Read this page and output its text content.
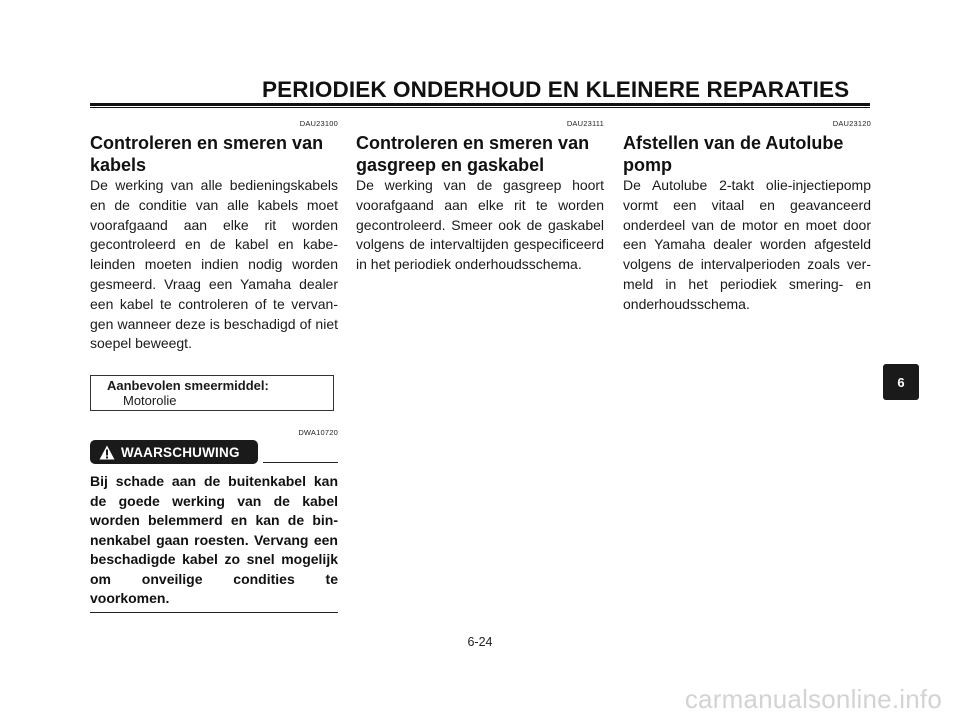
PERIODIEK ONDERHOUD EN KLEINERE REPARATIES
DAU23100
Controleren en smeren van
kabels
De werking van alle bedieningskabels en de conditie van alle kabels moet voorafgaand aan elke rit worden gecontroleerd en de kabel en kabeleinden moeten indien nodig worden gesmeerd. Vraag een Yamaha dealer een kabel te controleren of te vervangen wanneer deze is beschadigd of niet soepel beweegt.
Aanbevolen smeermiddel:
Motorolie
DWA10720
WAARSCHUWING
Bij schade aan de buitenkabel kan de goede werking van de kabel worden belemmerd en kan de binnenkabel gaan roesten. Vervang een beschadigde kabel zo snel mogelijk om onveilige condities te voorkomen.
DAU23111
Controleren en smeren van
gasgreep en gaskabel
De werking van de gasgreep hoort voorafgaand aan elke rit te worden gecontroleerd. Smeer ook de gaskabel volgens de intervaltijden gespecificeerd in het periodiek onderhoudsschema.
DAU23120
Afstellen van de Autolube
pomp
De Autolube 2-takt olie-injectiepomp vormt een vitaal en geavanceerd onderdeel van de motor en moet door een Yamaha dealer worden afgesteld volgens de intervalperioden zoals vermeld in het periodiek smering- en onderhoudsschema.
6
6-24
carmanualsonline.info
